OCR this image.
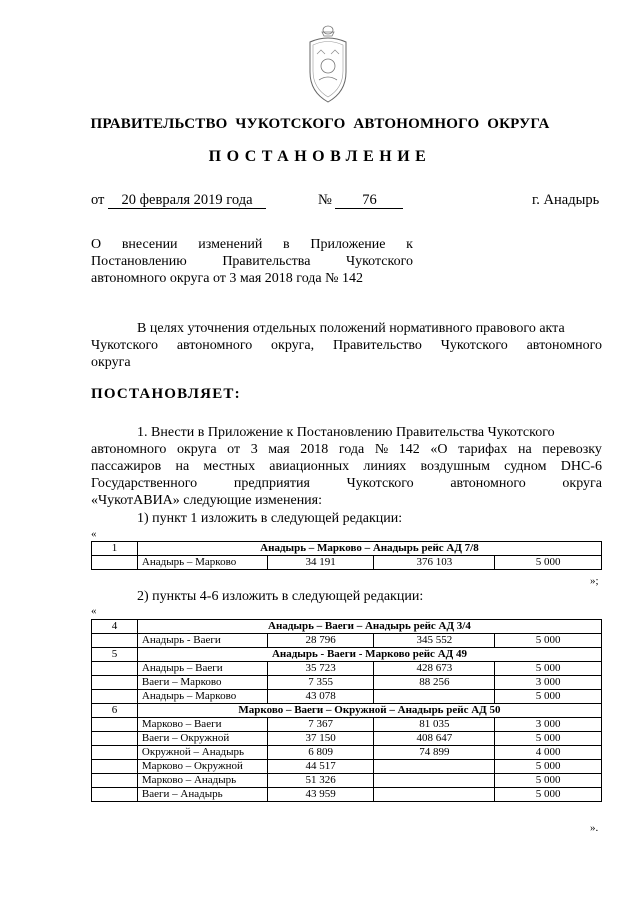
ПРАВИТЕЛЬСТВО  ЧУКОТСКОГО  АВТОНОМНОГО  ОКРУГА
ПОСТАНОВЛЕНИЕ
от 20 февраля 2019 года	№ 76	г. Анадырь
О внесении изменений в Приложение к
Постановлению	Правительства	Чукотского
автономного округа от 3 мая 2018 года № 142
В целях уточнения отдельных положений нормативного правового акта
Чукотского автономного округа, Правительство Чукотского автономного
округа
ПОСТАНОВЛЯЕТ:
1. Внести в Приложение к Постановлению Правительства Чукотского
автономного округа от 3 мая 2018 года № 142 «О тарифах на перевозку
пассажиров на местных авиационных линиях воздушным судном DHC-6
Государственного	предприятия	Чукотского	автономного	округа
«ЧукотАВИА» следующие изменения:
1) пункт 1 изложить в следующей редакции:
«
1	Анадырь – Марково – Анадырь рейс АД 7/8			
	Анадырь – Марково	34 191	376 103	5 000
»;
2) пункты 4-6 изложить в следующей редакции:
«
4	Анадырь – Ваеги – Анадырь рейс АД 3/4			
	Анадырь - Ваеги	28 796	345 552	5 000
5	Анадырь - Ваеги - Марково рейс АД 49			
	Анадырь – Ваеги	35 723	428 673	5 000
	Ваеги – Марково	7 355	88 256	3 000
	Анадырь – Марково	43 078		5 000
6	Марково – Ваеги – Окружной – Анадырь рейс АД 50			
	Марково – Ваеги	7 367	81 035	3 000
	Ваеги – Окружной	37 150	408 647	5 000
	Окружной – Анадырь	6 809	74 899	4 000
	Марково – Окружной	44 517		5 000
	Марково – Анадырь	51 326		5 000
	Ваеги – Анадырь	43 959		5 000
».
